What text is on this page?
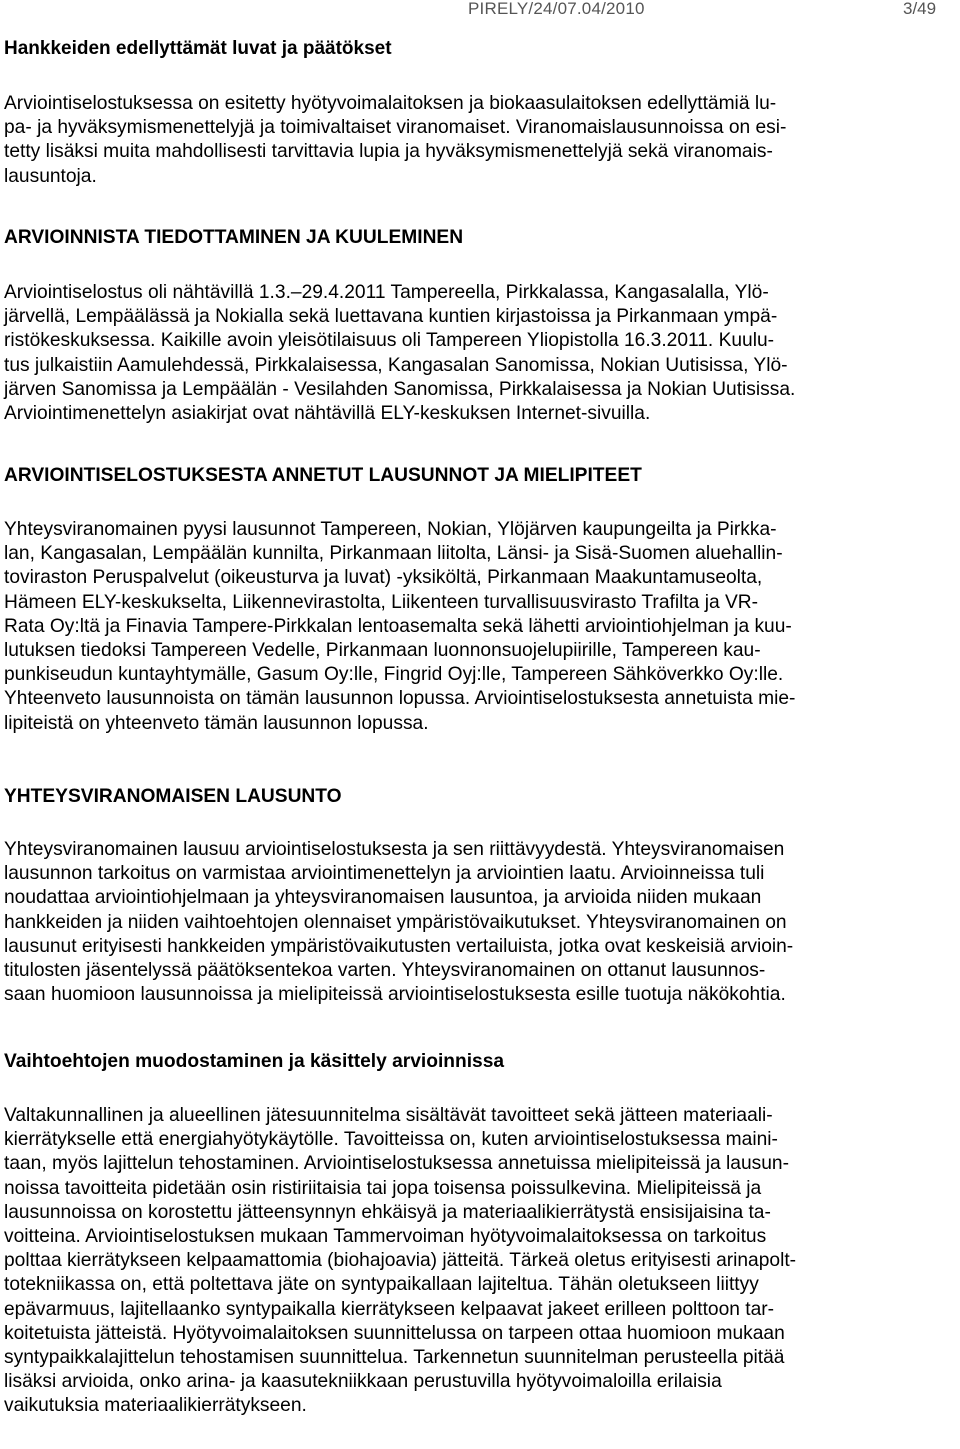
PIRELY/24/07.04/2010	3/49
Hankkeiden edellyttämät luvat ja päätökset
Arviointiselostuksessa on esitetty hyötyvoimalaitoksen ja biokaasulaitoksen edellyttämiä lu-
pa- ja hyväksymismenettelyjä ja toimivaltaiset viranomaiset. Viranomaislausunnoissa on esi-
tetty lisäksi muita mahdollisesti tarvittavia lupia ja hyväksymismenettelyjä sekä viranomais-
lausuntoja.
ARVIOINNISTA TIEDOTTAMINEN JA KUULEMINEN
Arviointiselostus oli nähtävillä 1.3.–29.4.2011 Tampereella, Pirkkalassa, Kangasalalla, Ylö-
järvellä, Lempäälässä ja Nokialla sekä luettavana kuntien kirjastoissa ja Pirkanmaan ympä-
ristökeskuksessa. Kaikille avoin yleisötilaisuus oli Tampereen Yliopistolla 16.3.2011. Kuulu-
tus julkaistiin Aamulehdessä, Pirkkalaisessa, Kangasalan Sanomissa, Nokian Uutisissa, Ylö-
järven Sanomissa ja Lempäälän - Vesilahden Sanomissa, Pirkkalaisessa ja Nokian Uutisissa.
Arviointimenettelyn asiakirjat ovat nähtävillä ELY-keskuksen Internet-sivuilla.
ARVIOINTISELOSTUKSESTA ANNETUT LAUSUNNOT JA MIELIPITEET
Yhteysviranomainen pyysi lausunnot Tampereen, Nokian, Ylöjärven kaupungeilta ja Pirkka-
lan, Kangasalan, Lempäälän kunnilta, Pirkanmaan liitolta, Länsi- ja Sisä-Suomen aluehallin-
toviraston Peruspalvelut (oikeusturva ja luvat) -yksiköltä, Pirkanmaan Maakuntamuseolta,
Hämeen ELY-keskukselta, Liikennevirastolta, Liikenteen turvallisuusvirasto Trafilta ja VR-
Rata Oy:ltä ja Finavia Tampere-Pirkkalan lentoasemalta sekä lähetti arviointiohjelman ja kuu-
lutuksen tiedoksi Tampereen Vedelle, Pirkanmaan luonnonsuojelupiirille, Tampereen kau-
punkiseudun kuntayhtymälle, Gasum Oy:lle, Fingrid Oyj:lle, Tampereen Sähköverkko Oy:lle.
Yhteenveto lausunnoista on tämän lausunnon lopussa. Arviointiselostuksesta annetuista mie-
lipiteistä on yhteenveto tämän lausunnon lopussa.
YHTEYSVIRANOMAISEN LAUSUNTO
Yhteysviranomainen lausuu arviointiselostuksesta ja sen riittävyydestä. Yhteysviranomaisen
lausunnon tarkoitus on varmistaa arviointimenettelyn ja arviointien laatu. Arvioinneissa tuli
noudattaa arviointiohjelmaan ja yhteysviranomaisen lausuntoa, ja arvioida niiden mukaan
hankkeiden ja niiden vaihtoehtojen olennaiset ympäristövaikutukset. Yhteysviranomainen on
lausunut erityisesti hankkeiden ympäristövaikutusten vertailuista, jotka ovat keskeisiä arvioin-
titulosten jäsentelyssä päätöksentekoa varten. Yhteysviranomainen on ottanut lausunnos-
saan huomioon lausunnoissa ja mielipiteissä arviointiselostuksesta esille tuotuja näkökohtia.
Vaihtoehtojen muodostaminen ja käsittely arvioinnissa
Valtakunnallinen ja alueellinen jätesuunnitelma sisältävät tavoitteet sekä jätteen materiaali-
kierrätykselle että energiahyötykäytölle. Tavoitteissa on, kuten arviointiselostuksessa maini-
taan, myös lajittelun tehostaminen. Arviointiselostuksessa annetuissa mielipiteissä ja lausun-
noissa tavoitteita pidetään osin ristiriitaisia tai jopa toisensa poissulkevina. Mielipiteissä ja
lausunnoissa on korostettu jätteensynnyn ehkäisyä ja materiaalikierrätystä ensisijaisina ta-
voitteina. Arviointiselostuksen mukaan Tammervoiman hyötyvoimalaitoksessa on tarkoitus
polttaa kierrätykseen kelpaamattomia (biohajoavia) jätteitä. Tärkeä oletus erityisesti arinapolt-
totekniikassa on, että poltettava jäte on syntypaikallaan lajiteltua. Tähän oletukseen liittyy
epävarmuus, lajitellaanko syntypaikalla kierrätykseen kelpaavat jakeet erilleen polttoon tar-
koitetuista jätteistä. Hyötyvoimalaitoksen suunnittelussa on tarpeen ottaa huomioon mukaan
syntypaikkalajittelun tehostamisen suunnittelua. Tarkennetun suunnitelman perusteella pitää
lisäksi arvioida, onko arina- ja kaasutekniikkaan perustuvilla hyötyvoimaloilla erilaisia
vaikutuksia materiaalikierrätykseen.
